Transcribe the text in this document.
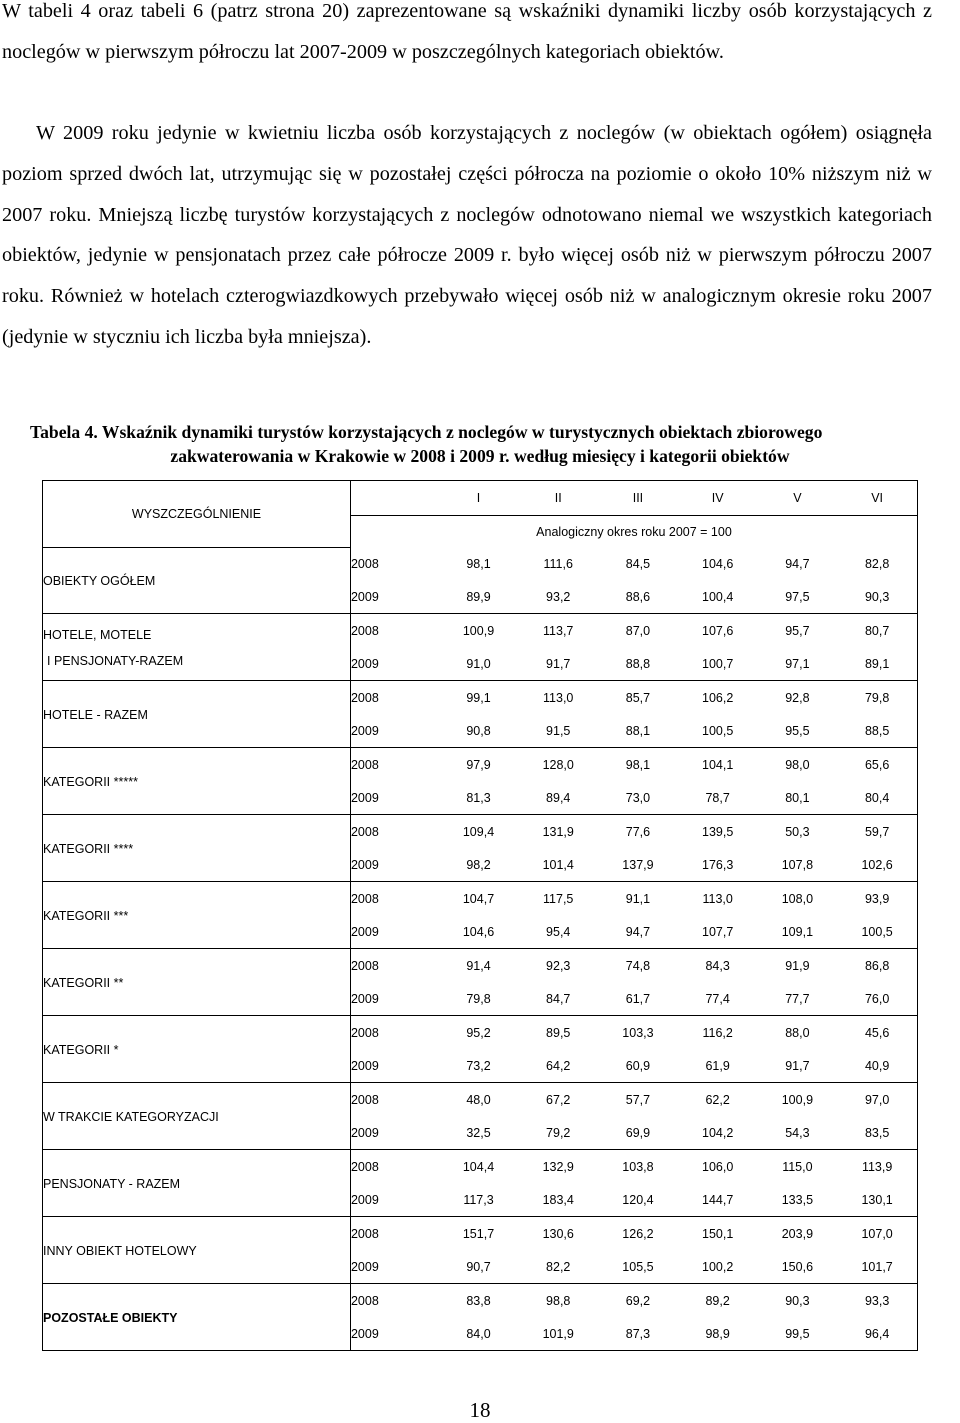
W tabeli 4 oraz tabeli 6 (patrz strona 20) zaprezentowane są wskaźniki dynamiki liczby osób korzystających z noclegów w pierwszym półroczu lat 2007-2009 w poszczególnych kategoriach obiektów.

W 2009 roku jedynie w kwietniu liczba osób korzystających z noclegów (w obiektach ogółem) osiągnęła poziom sprzed dwóch lat, utrzymując się w pozostałej części półrocza na poziomie o około 10% niższym niż w 2007 roku. Mniejszą liczbę turystów korzystających z noclegów odnotowano niemal we wszystkich kategoriach obiektów, jedynie w pensjonatach przez całe półrocze 2009 r. było więcej osób niż w pierwszym półroczu 2007 roku. Również w hotelach czterogwiazdkowych przebywało więcej osób niż w analogicznym okresie roku 2007 (jedynie w styczniu ich liczba była mniejsza).

Tabela 4. Wskaźnik dynamiki turystów korzystających z noclegów w turystycznych obiektach zbiorowego
zakwaterowania w Krakowie w 2008 i 2009 r. według miesięcy i kategorii obiektów
WYSZCZEGÓLNIENIE		I	II	III	IV	V	VI
	Analogiczny okres roku 2007 = 100						

OBIEKTY OGÓŁEM	2008	98,1	111,6	84,5	104,6	94,7	82,8
	2009	89,9	93,2	88,6	100,4	97,5	90,3

HOTELE, MOTELE
I PENSJONATY-RAZEM	2008	100,9	113,7	87,0	107,6	95,7	80,7
	2009	91,0	91,7	88,8	100,7	97,1	89,1

HOTELE - RAZEM	2008	99,1	113,0	85,7	106,2	92,8	79,8
	2009	90,8	91,5	88,1	100,5	95,5	88,5

KATEGORII *****	2008	97,9	128,0	98,1	104,1	98,0	65,6
	2009	81,3	89,4	73,0	78,7	80,1	80,4

KATEGORII ****	2008	109,4	131,9	77,6	139,5	50,3	59,7
	2009	98,2	101,4	137,9	176,3	107,8	102,6

KATEGORII ***	2008	104,7	117,5	91,1	113,0	108,0	93,9
	2009	104,6	95,4	94,7	107,7	109,1	100,5

KATEGORII **	2008	91,4	92,3	74,8	84,3	91,9	86,8
	2009	79,8	84,7	61,7	77,4	77,7	76,0

KATEGORII *	2008	95,2	89,5	103,3	116,2	88,0	45,6
	2009	73,2	64,2	60,9	61,9	91,7	40,9

W TRAKCIE KATEGORYZACJI	2008	48,0	67,2	57,7	62,2	100,9	97,0
	2009	32,5	79,2	69,9	104,2	54,3	83,5

PENSJONATY - RAZEM	2008	104,4	132,9	103,8	106,0	115,0	113,9
	2009	117,3	183,4	120,4	144,7	133,5	130,1

INNY OBIEKT HOTELOWY	2008	151,7	130,6	126,2	150,1	203,9	107,0
	2009	90,7	82,2	105,5	100,2	150,6	101,7

POZOSTAŁE OBIEKTY	2008	83,8	98,8	69,2	89,2	90,3	93,3
	2009	84,0	101,9	87,3	98,9	99,5	96,4
18
